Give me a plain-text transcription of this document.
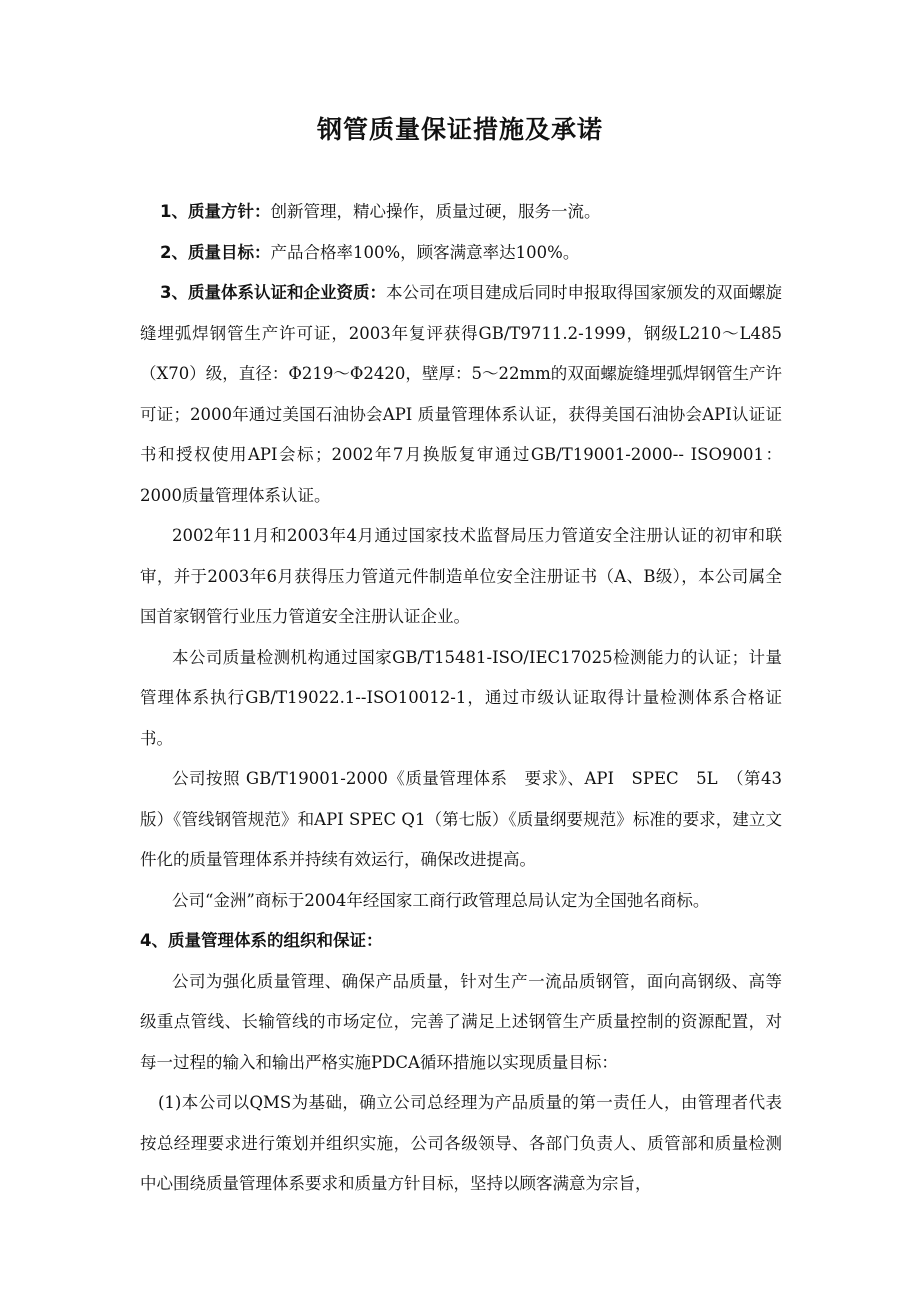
钢管质量保证措施及承诺

1、质量方针：创新管理，精心操作，质量过硬，服务一流。

2、质量目标：产品合格率100%，顾客满意率达100%。

3、质量体系认证和企业资质：本公司在项目建成后同时申报取得国家颁发的双面螺旋缝埋弧焊钢管生产许可证，2003年复评获得GB/T9711.2-1999，钢级L210～L485（X70）级，直径：Φ219～Φ2420，壁厚：5～22mm的双面螺旋缝埋弧焊钢管生产许可证；2000年通过美国石油协会API 质量管理体系认证，获得美国石油协会API认证证书和授权使用API会标；2002年7月换版复审通过GB/T19001-2000-- ISO9001：2000质量管理体系认证。

2002年11月和2003年4月通过国家技术监督局压力管道安全注册认证的初审和联审，并于2003年6月获得压力管道元件制造单位安全注册证书（A、B级），本公司属全国首家钢管行业压力管道安全注册认证企业。

本公司质量检测机构通过国家GB/T15481-ISO/IEC17025检测能力的认证；计量管理体系执行GB/T19022.1--ISO10012-1，通过市级认证取得计量检测体系合格证书。

公司按照 GB/T19001-2000《质量管理体系　要求》、API　SPEC　5L　（第43版）《管线钢管规范》和API SPEC Q1（第七版）《质量纲要规范》标准的要求，建立文件化的质量管理体系并持续有效运行，确保改进提高。

公司“金洲”商标于2004年经国家工商行政管理总局认定为全国弛名商标。

4、质量管理体系的组织和保证：

公司为强化质量管理、确保产品质量，针对生产一流品质钢管，面向高钢级、高等级重点管线、长输管线的市场定位，完善了满足上述钢管生产质量控制的资源配置，对每一过程的输入和输出严格实施PDCA循环措施以实现质量目标：

(1)本公司以QMS为基础，确立公司总经理为产品质量的第一责任人，由管理者代表按总经理要求进行策划并组织实施，公司各级领导、各部门负责人、质管部和质量检测中心围绕质量管理体系要求和质量方针目标，坚持以顾客满意为宗旨，
